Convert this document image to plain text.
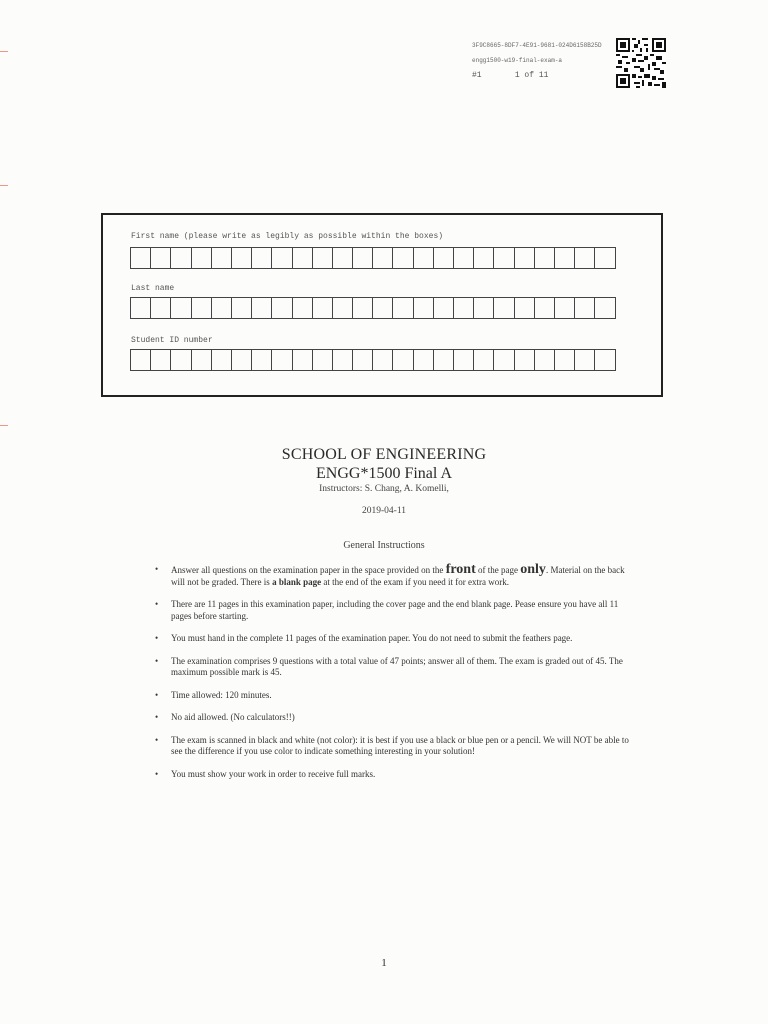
3F9C8665-8DF7-4E91-9681-024D6158B25D
engg1500-w19-final-exam-a
#1	1 of 11
First name (please write as legibly as possible within the boxes)
Last name
Student ID number
SCHOOL OF ENGINEERING
ENGG*1500 Final A
Instructors: S. Chang, A. Komelli,
2019-04-11
General Instructions
•	Answer all questions on the examination paper in the space provided on the front of the page only. Material on the back will not be graded. There is a blank page at the end of the exam if you need it for extra work.
•	There are 11 pages in this examination paper, including the cover page and the end blank page. Pease ensure you have all 11 pages before starting.
•	You must hand in the complete 11 pages of the examination paper. You do not need to submit the feathers page.
•	The examination comprises 9 questions with a total value of 47 points; answer all of them. The exam is graded out of 45. The maximum possible mark is 45.
•	Time allowed: 120 minutes.
•	No aid allowed. (No calculators!!)
•	The exam is scanned in black and white (not color): it is best if you use a black or blue pen or a pencil. We will NOT be able to see the difference if you use color to indicate something interesting in your solution!
•	You must show your work in order to receive full marks.
1
